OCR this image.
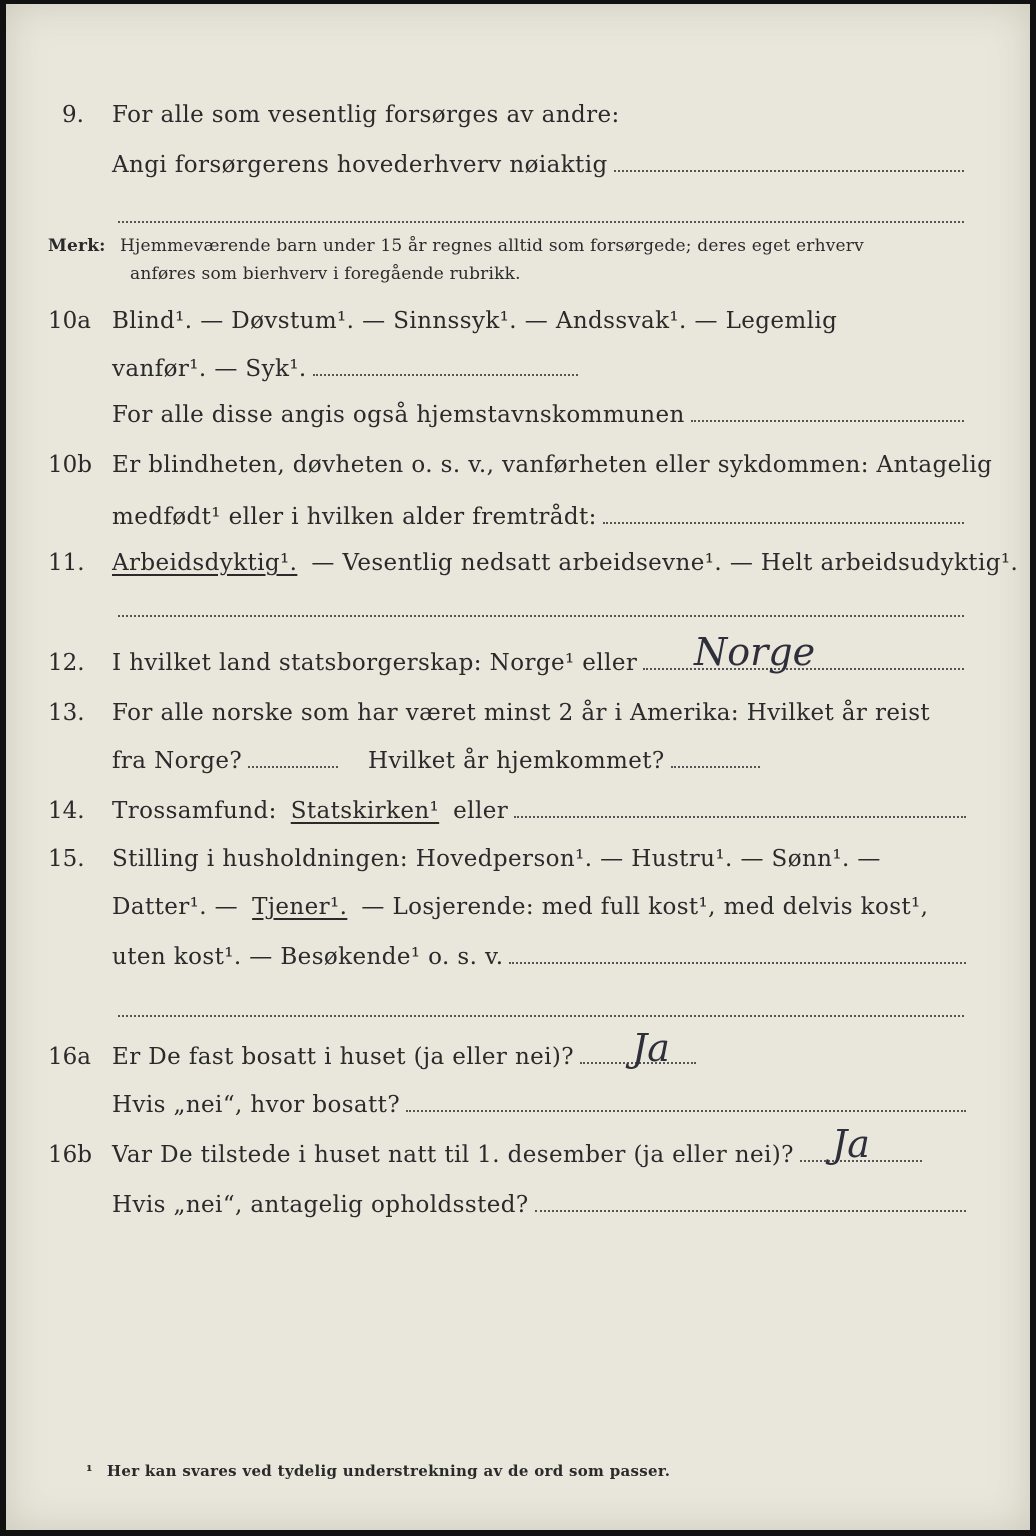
9. For alle som vesentlig forsørges av andre:
Angi forsørgerens hovederhverv nøiaktig
Merk: Hjemmeværende barn under 15 år regnes alltid som forsørgede; deres eget erhverv
anføres som bierhverv i foregående rubrikk.
10a Blind¹. — Døvstum¹. — Sinnssyk¹. — Andssvak¹. — Legemlig
vanfør¹. — Syk¹.
For alle disse angis også hjemstavnskommunen
10b Er blindheten, døvheten o. s. v., vanførheten eller sykdommen: Antagelig
medfødt¹ eller i hvilken alder fremtrådt:
11. Arbeidsdyktig¹. — Vesentlig nedsatt arbeidsevne¹. — Helt arbeidsudyktig¹.
12. I hvilket land statsborgerskap: Norge¹ eller Norge
13. For alle norske som har været minst 2 år i Amerika: Hvilket år reist
fra Norge?	Hvilket år hjemkommet?
14. Trossamfund: Statskirken¹ eller
15. Stilling i husholdningen: Hovedperson¹. — Hustru¹. — Sønn¹. —
Datter¹. — Tjener¹. — Losjerende: med full kost¹, med delvis kost¹,
uten kost¹. — Besøkende¹ o. s. v.
16a Er De fast bosatt i huset (ja eller nei)? Ja
Hvis „nei“, hvor bosatt?
16b Var De tilstede i huset natt til 1. desember (ja eller nei)? Ja
Hvis „nei“, antagelig opholdssted?
¹ Her kan svares ved tydelig understrekning av de ord som passer.
